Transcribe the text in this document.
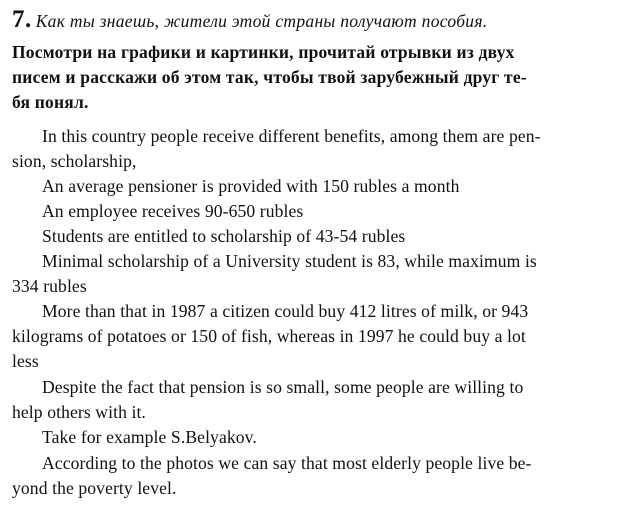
7. Как ты знаешь, жители этой страны получают пособия.
Посмотри на графики и картинки, прочитай отрывки из двух
писем и расскажи об этом так, чтобы твой зарубежный друг те-
бя понял.
In this country people receive different benefits, among them are pen-
sion, scholarship,
An average pensioner is provided with 150 rubles a month
An employee receives 90-650 rubles
Students are entitled to scholarship of 43-54 rubles
Minimal scholarship of a University student is 83, while maximum is
334 rubles
More than that in 1987 a citizen could buy 412 litres of milk, or 943
kilograms of potatoes or 150 of fish, whereas in 1997 he could buy a lot
less
Despite the fact that pension is so small, some people are willing to
help others with it.
Take for example S.Belyakov.
According to the photos we can say that most elderly people live be-
yond the poverty level.
